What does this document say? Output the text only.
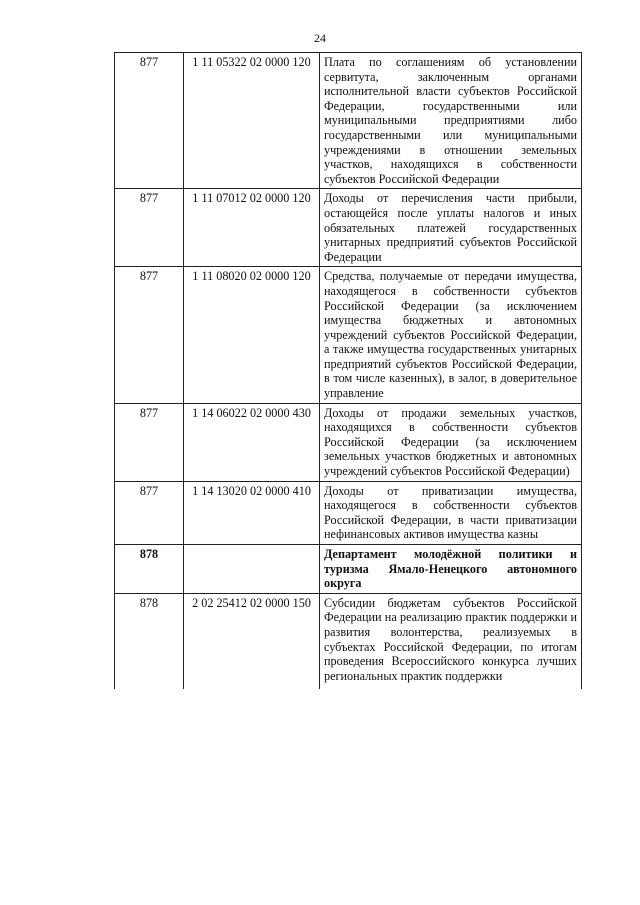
24
877	1 11 05322 02 0000 120	Плата по соглашениям об установлении сервитута, заключенным органами исполнительной власти субъектов Российской Федерации, государственными или муниципальными предприятиями либо государственными или муниципальными учреждениями в отношении земельных участков, находящихся в собственности субъектов Российской Федерации
877	1 11 07012 02 0000 120	Доходы от перечисления части прибыли, остающейся после уплаты налогов и иных обязательных платежей государственных унитарных предприятий субъектов Российской Федерации
877	1 11 08020 02 0000 120	Средства, получаемые от передачи имущества, находящегося в собственности субъектов Российской Федерации (за исключением имущества бюджетных и автономных учреждений субъектов Российской Федерации, а также имущества государственных унитарных предприятий субъектов Российской Федерации, в том числе казенных), в залог, в доверительное управление
877	1 14 06022 02 0000 430	Доходы от продажи земельных участков, находящихся в собственности субъектов Российской Федерации (за исключением земельных участков бюджетных и автономных учреждений субъектов Российской Федерации)
877	1 14 13020 02 0000 410	Доходы от приватизации имущества, находящегося в собственности субъектов Российской Федерации, в части приватизации нефинансовых активов имущества казны
878		Департамент молодёжной политики и туризма Ямало-Ненецкого автономного округа
878	2 02 25412 02 0000 150	Субсидии бюджетам субъектов Российской Федерации на реализацию практик поддержки и развития волонтерства, реализуемых в субъектах Российской Федерации, по итогам проведения Всероссийского конкурса лучших региональных практик поддержки
